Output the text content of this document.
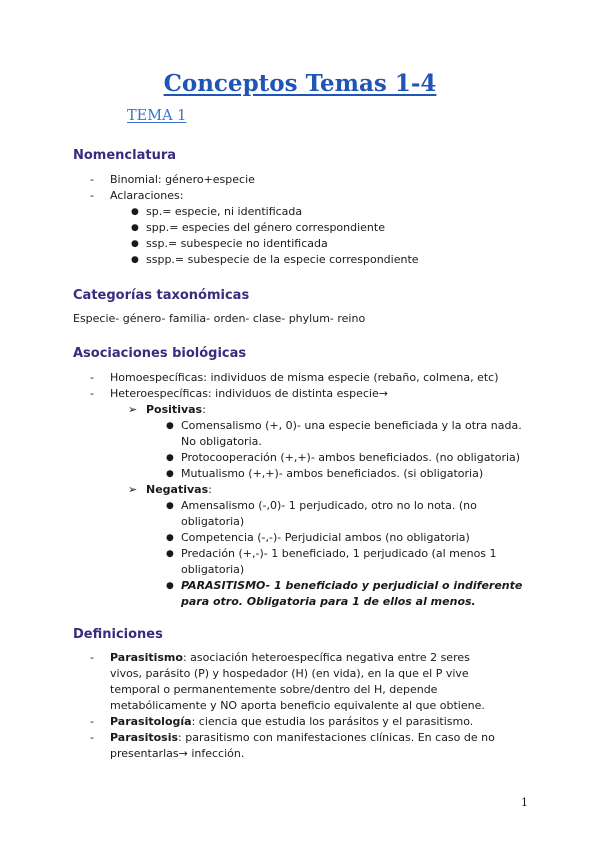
Conceptos Temas 1-4
TEMA 1
Nomenclatura
- Binomial: género+especie
- Aclaraciones:
● sp.= especie, ni identificada
● spp.= especies del género correspondiente
● ssp.= subespecie no identificada
● sspp.= subespecie de la especie correspondiente
Categorías taxonómicas
Especie- género- familia- orden- clase- phylum- reino
Asociaciones biológicas
- Homoespecíficas: individuos de misma especie (rebaño, colmena, etc)
- Heteroespecíficas: individuos de distinta especie→
➢ Positivas:
● Comensalismo (+, 0)- una especie beneficiada y la otra nada.
No obligatoria.
● Protocooperación (+,+)- ambos beneficiados. (no obligatoria)
● Mutualismo (+,+)- ambos beneficiados. (si obligatoria)
➢ Negativas:
● Amensalismo (-,0)- 1 perjudicado, otro no lo nota. (no
obligatoria)
● Competencia (-,-)- Perjudicial ambos (no obligatoria)
● Predación (+,-)- 1 beneficiado, 1 perjudicado (al menos 1
obligatoria)
● PARASITISMO- 1 beneficiado y perjudicial o indiferente
para otro. Obligatoria para 1 de ellos al menos.
Definiciones
- Parasitismo: asociación heteroespecífica negativa entre 2 seres vivos, parásito (P) y hospedador (H) (en vida), en la que el P vive temporal o permanentemente sobre/dentro del H, depende metabólicamente y NO aporta beneficio equivalente al que obtiene.
- Parasitología: ciencia que estudia los parásitos y el parasitismo.
- Parasitosis: parasitismo con manifestaciones clínicas. En caso de no presentarlas→ infección.
1
